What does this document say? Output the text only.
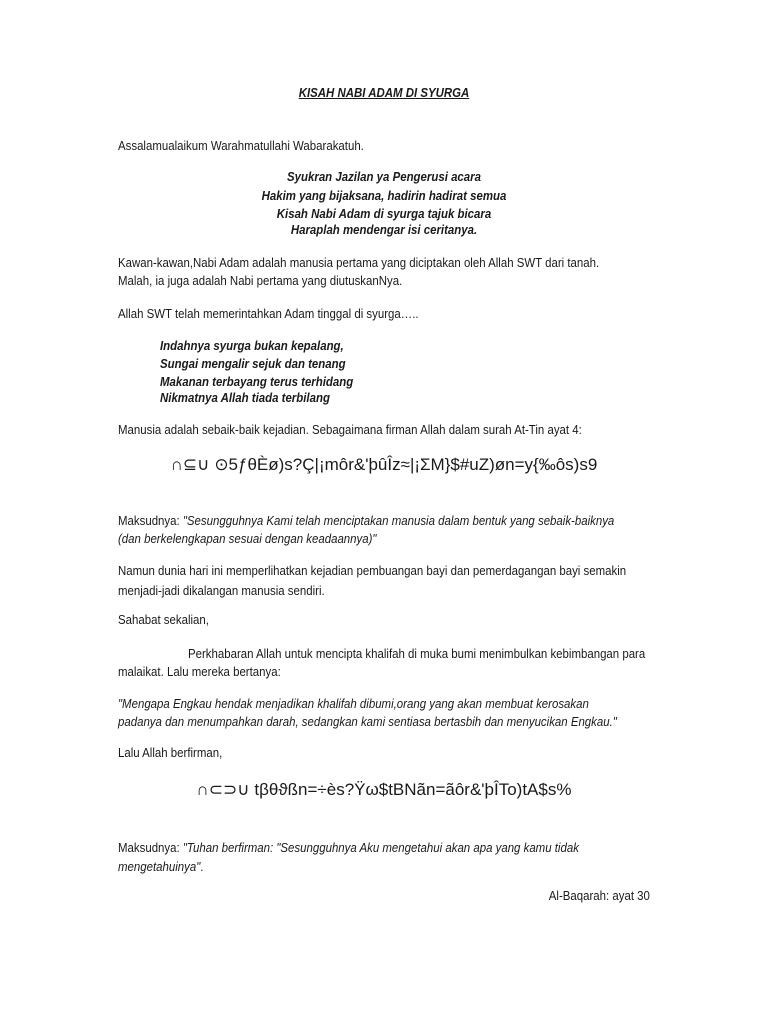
KISAH NABI ADAM DI SYURGA
Assalamualaikum Warahmatullahi Wabarakatuh.
Syukran Jazilan ya Pengerusi acara
Hakim yang bijaksana, hadirin hadirat semua
Kisah Nabi Adam di syurga tajuk bicara
Haraplah mendengar isi ceritanya.
Kawan-kawan,Nabi Adam adalah manusia pertama yang diciptakan oleh Allah SWT dari tanah.
Malah, ia juga adalah Nabi pertama yang diutuskanNya.
Allah SWT telah memerintahkan Adam tinggal di syurga…..
Indahnya syurga bukan kepalang,
Sungai mengalir sejuk dan tenang
Makanan terbayang terus terhidang
Nikmatnya Allah tiada terbilang
Manusia adalah sebaik-baik kejadian. Sebagaimana firman Allah dalam surah At-Tin ayat 4:
∩⊆∪ ⊙5ƒθÈø)s?Ç|¡môr&'þûÎz≈|¡ΣM}$#uZ)øn=y{‰ôs)s9
Maksudnya: "Sesungguhnya Kami telah menciptakan manusia dalam bentuk yang sebaik-baiknya
(dan berkelengkapan sesuai dengan keadaannya)"
Namun dunia hari ini memperlihatkan kejadian pembuangan bayi dan pemerdagangan bayi semakin
menjadi-jadi dikalangan manusia sendiri.
Sahabat sekalian,
Perkhabaran Allah untuk mencipta khalifah di muka bumi menimbulkan kebimbangan para
malaikat. Lalu mereka bertanya:
"Mengapa Engkau hendak menjadikan khalifah dibumi,orang yang akan membuat kerosakan
padanya dan menumpahkan darah, sedangkan kami sentiasa bertasbih dan menyucikan Engkau."
Lalu Allah berfirman,
∩⊂⊃∪ tβθϑßn=÷ès?Ÿω$tΒNãn=ãôr&'þÎTo)tA$s%
Maksudnya: "Tuhan berfirman: "Sesungguhnya Aku mengetahui akan apa yang kamu tidak
mengetahuinya".
Al-Baqarah: ayat 30
